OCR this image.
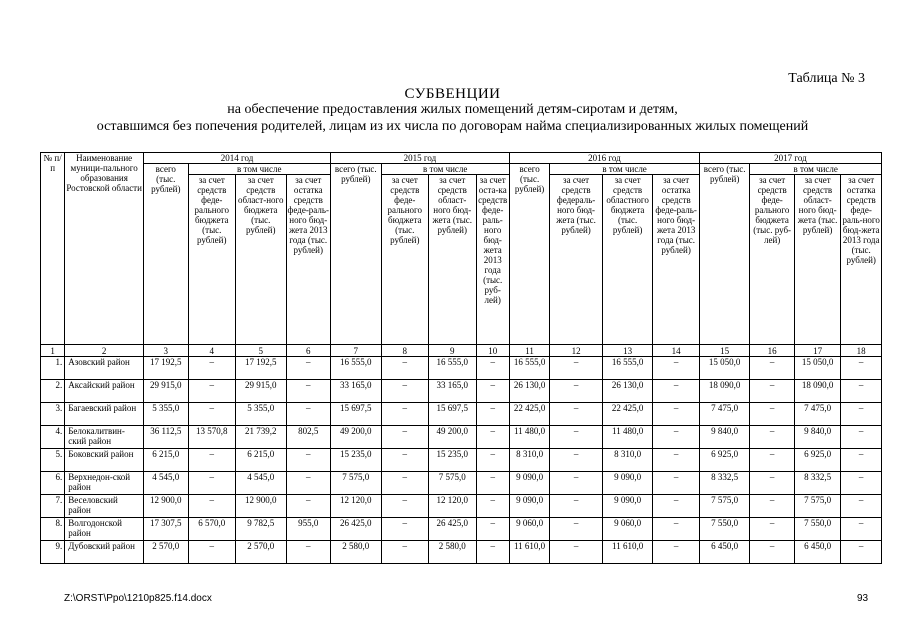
Таблица № 3
СУБВЕНЦИИ
на обеспечение предоставления жилых помещений детям-сиротам и детям,
оставшимся без попечения родителей, лицам из их числа по договорам найма специализированных жилых помещений
№ п/п	Наименование муници-пального образования Ростовской области	2014 год				2015 год				2016 год				2017 год			
		всего (тыс. рублей)	в том числе			всего (тыс. рублей)	в том числе			всего (тыс. рублей)	в том числе			всего (тыс. рублей)	в том числе		
			за счет средств феде-рального бюджета (тыс. рублей)	за счет средств област-ного бюджета (тыс. рублей)	за счет остатка средств феде-раль-ного бюд-жета 2013 года (тыс. рублей)		за счет средств феде-рального бюджета (тыс. рублей)	за счет средств област-ного бюд-жета (тыс. рублей)	за счет оста-ка средств феде-раль-ного бюд-жета 2013 года (тыс. руб-лей)		за счет средств федераль-ного бюд-жета (тыс. рублей)	за счет средств областного бюджета (тыс. рублей)	за счет остатка средств феде-раль-ного бюд-жета 2013 года (тыс. рублей)		за счет средств феде-рального бюджета (тыс. руб-лей)	за счет средств област-ного бюд-жета (тыс. рублей)	за счет остатка средств феде-раль-ного бюд-жета 2013 года (тыс. рублей)
1	2	3	4	5	6	7	8	9	10	11	12	13	14	15	16	17	18
1.	Азовский район	17 192,5	–	17 192,5	–	16 555,0	–	16 555,0	–	16 555,0	–	16 555,0	–	15 050,0	–	15 050,0	–
2.	Аксайский район	29 915,0	–	29 915,0	–	33 165,0	–	33 165,0	–	26 130,0	–	26 130,0	–	18 090,0	–	18 090,0	–
3.	Багаевский район	5 355,0	–	5 355,0	–	15 697,5	–	15 697,5	–	22 425,0	–	22 425,0	–	7 475,0	–	7 475,0	–
4.	Белокалитвин-ский район	36 112,5	13 570,8	21 739,2	802,5	49 200,0	–	49 200,0	–	11 480,0	–	11 480,0	–	9 840,0	–	9 840,0	–
5.	Боковский район	6 215,0	–	6 215,0	–	15 235,0	–	15 235,0	–	8 310,0	–	8 310,0	–	6 925,0	–	6 925,0	–
6.	Верхнедон-ской район	4 545,0	–	4 545,0	–	7 575,0	–	7 575,0	–	9 090,0	–	9 090,0	–	8 332,5	–	8 332,5	–
7.	Веселовский район	12 900,0	–	12 900,0	–	12 120,0	–	12 120,0	–	9 090,0	–	9 090,0	–	7 575,0	–	7 575,0	–
8.	Волгодонской район	17 307,5	6 570,0	9 782,5	955,0	26 425,0	–	26 425,0	–	9 060,0	–	9 060,0	–	7 550,0	–	7 550,0	–
9.	Дубовский район	2 570,0	–	2 570,0	–	2 580,0	–	2 580,0	–	11 610,0	–	11 610,0	–	6 450,0	–	6 450,0	–
Z:\ORST\Ppo\1210p825.f14.docx	93
